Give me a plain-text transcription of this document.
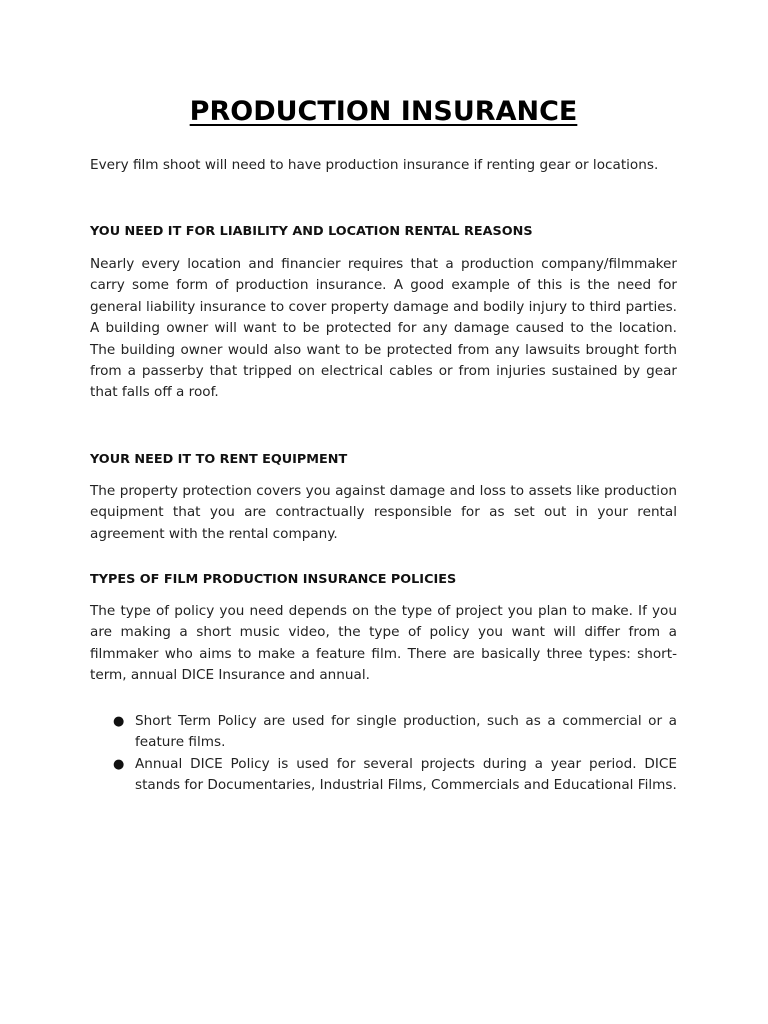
PRODUCTION INSURANCE

Every film shoot will need to have production insurance if renting gear or locations.

YOU NEED IT FOR LIABILITY AND LOCATION RENTAL REASONS

Nearly every location and financier requires that a production company/filmmaker carry some form of production insurance. A good example of this is the need for general liability insurance to cover property damage and bodily injury to third parties. A building owner will want to be protected for any damage caused to the location. The building owner would also want to be protected from any lawsuits brought forth from a passerby that tripped on electrical cables or from injuries sustained by gear that falls off a roof.

YOUR NEED IT TO RENT EQUIPMENT

The property protection covers you against damage and loss to assets like production equipment that you are contractually responsible for as set out in your rental agreement with the rental company.

TYPES OF FILM PRODUCTION INSURANCE POLICIES

The type of policy you need depends on the type of project you plan to make. If you are making a short music video, the type of policy you want will differ from a filmmaker who aims to make a feature film. There are basically three types: short-term, annual DICE Insurance and annual.

● Short Term Policy are used for single production, such as a commercial or a feature films.
● Annual DICE Policy is used for several projects during a year period. DICE stands for Documentaries, Industrial Films, Commercials and Educational Films.
